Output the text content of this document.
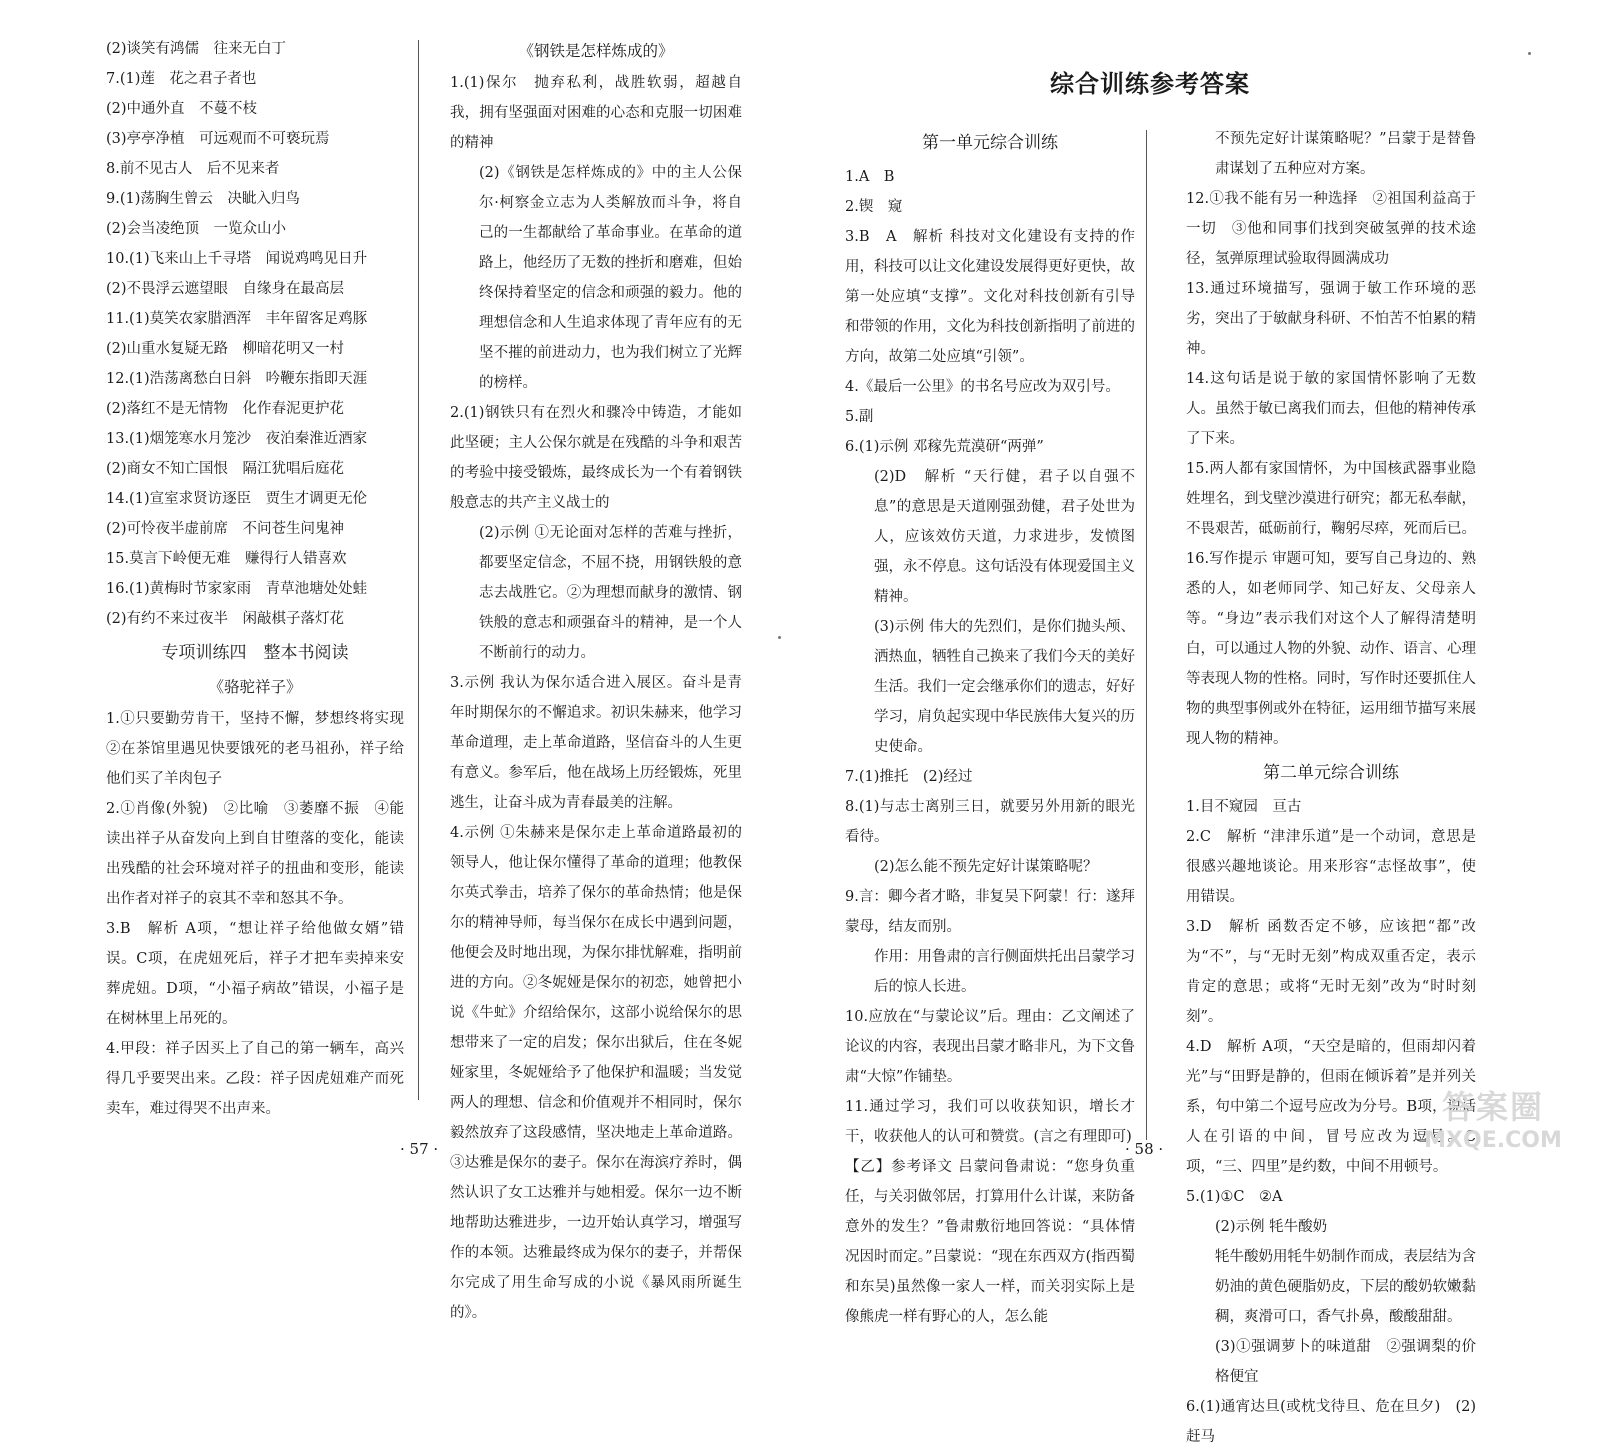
(2)谈笑有鸿儒　往来无白丁

7.(1)莲　花之君子者也

(2)中通外直　不蔓不枝

(3)亭亭净植　可远观而不可亵玩焉

8.前不见古人　后不见来者

9.(1)荡胸生曾云　决眦入归鸟

(2)会当凌绝顶　一览众山小

10.(1)飞来山上千寻塔　闻说鸡鸣见日升

(2)不畏浮云遮望眼　自缘身在最高层

11.(1)莫笑农家腊酒浑　丰年留客足鸡豚

(2)山重水复疑无路　柳暗花明又一村

12.(1)浩荡离愁白日斜　吟鞭东指即天涯

(2)落红不是无情物　化作春泥更护花

13.(1)烟笼寒水月笼沙　夜泊秦淮近酒家

(2)商女不知亡国恨　隔江犹唱后庭花

14.(1)宣室求贤访逐臣　贾生才调更无伦

(2)可怜夜半虚前席　不问苍生问鬼神

15.莫言下岭便无难　赚得行人错喜欢

16.(1)黄梅时节家家雨　青草池塘处处蛙

(2)有约不来过夜半　闲敲棋子落灯花

专项训练四　整本书阅读

《骆驼祥子》

1.①只要勤劳肯干，坚持不懈，梦想终将实现　②在茶馆里遇见快要饿死的老马祖孙，祥子给他们买了羊肉包子

2.①肖像(外貌)　②比喻　③萎靡不振　④能读出祥子从奋发向上到自甘堕落的变化，能读出残酷的社会环境对祥子的扭曲和变形，能读出作者对祥子的哀其不幸和怒其不争。

3.B　解析 A项，“想让祥子给他做女婿”错误。C项，在虎妞死后，祥子才把车卖掉来安葬虎妞。D项，“小福子病故”错误，小福子是在树林里上吊死的。

4.甲段：祥子因买上了自己的第一辆车，高兴得几乎要哭出来。乙段：祥子因虎妞难产而死卖车，难过得哭不出声来。

《钢铁是怎样炼成的》

1.(1)保尔　抛弃私利，战胜软弱，超越自我，拥有坚强面对困难的心态和克服一切困难的精神

(2)《钢铁是怎样炼成的》中的主人公保尔·柯察金立志为人类解放而斗争，将自己的一生都献给了革命事业。在革命的道路上，他经历了无数的挫折和磨难，但始终保持着坚定的信念和顽强的毅力。他的理想信念和人生追求体现了青年应有的无坚不摧的前进动力，也为我们树立了光辉的榜样。

2.(1)钢铁只有在烈火和骤冷中铸造，才能如此坚硬；主人公保尔就是在残酷的斗争和艰苦的考验中接受锻炼，最终成长为一个有着钢铁般意志的共产主义战士的

(2)示例 ①无论面对怎样的苦难与挫折，都要坚定信念，不屈不挠，用钢铁般的意志去战胜它。②为理想而献身的激情、钢铁般的意志和顽强奋斗的精神，是一个人不断前行的动力。

3.示例 我认为保尔适合进入展区。奋斗是青年时期保尔的不懈追求。初识朱赫来，他学习革命道理，走上革命道路，坚信奋斗的人生更有意义。参军后，他在战场上历经锻炼，死里逃生，让奋斗成为青春最美的注解。

4.示例 ①朱赫来是保尔走上革命道路最初的领导人，他让保尔懂得了革命的道理；他教保尔英式拳击，培养了保尔的革命热情；他是保尔的精神导师，每当保尔在成长中遇到问题，他便会及时地出现，为保尔排忧解难，指明前进的方向。②冬妮娅是保尔的初恋，她曾把小说《牛虻》介绍给保尔，这部小说给保尔的思想带来了一定的启发；保尔出狱后，住在冬妮娅家里，冬妮娅给予了他保护和温暖；当发觉两人的理想、信念和价值观并不相同时，保尔毅然放弃了这段感情，坚决地走上革命道路。③达雅是保尔的妻子。保尔在海滨疗养时，偶然认识了女工达雅并与她相爱。保尔一边不断地帮助达雅进步，一边开始认真学习，增强写作的本领。达雅最终成为保尔的妻子，并帮保尔完成了用生命写成的小说《暴风雨所诞生的》。

· 57 ·
综合训练参考答案

第一单元综合训练

1.A　B

2.锲　窥

3.B　A　解析 科技对文化建设有支持的作用，科技可以让文化建设发展得更好更快，故第一处应填“支撑”。文化对科技创新有引导和带领的作用，文化为科技创新指明了前进的方向，故第二处应填“引领”。

4.《最后一公里》的书名号应改为双引号。

5.副

6.(1)示例 邓稼先荒漠研“两弹”

(2)D　解析 “天行健，君子以自强不息”的意思是天道刚强劲健，君子处世为人，应该效仿天道，力求进步，发愤图强，永不停息。这句话没有体现爱国主义精神。

(3)示例 伟大的先烈们，是你们抛头颅、洒热血，牺牲自己换来了我们今天的美好生活。我们一定会继承你们的遗志，好好学习，肩负起实现中华民族伟大复兴的历史使命。

7.(1)推托　(2)经过

8.(1)与志士离别三日，就要另外用新的眼光看待。

(2)怎么能不预先定好计谋策略呢？

9.言：卿今者才略，非复吴下阿蒙！行：遂拜蒙母，结友而别。

作用：用鲁肃的言行侧面烘托出吕蒙学习后的惊人长进。

10.应放在“与蒙论议”后。理由：乙文阐述了论议的内容，表现出吕蒙才略非凡，为下文鲁肃“大惊”作铺垫。

11.通过学习，我们可以收获知识，增长才干，收获他人的认可和赞赏。(言之有理即可)

【乙】参考译文 吕蒙问鲁肃说：“您身负重任，与关羽做邻居，打算用什么计谋，来防备意外的发生？”鲁肃敷衍地回答说：“具体情况因时而定。”吕蒙说：“现在东西双方(指西蜀和东吴)虽然像一家人一样，而关羽实际上是像熊虎一样有野心的人，怎么能

不预先定好计谋策略呢？”吕蒙于是替鲁肃谋划了五种应对方案。

12.①我不能有另一种选择　②祖国利益高于一切　③他和同事们找到突破氢弹的技术途径，氢弹原理试验取得圆满成功

13.通过环境描写，强调于敏工作环境的恶劣，突出了于敏献身科研、不怕苦不怕累的精神。

14.这句话是说于敏的家国情怀影响了无数人。虽然于敏已离我们而去，但他的精神传承了下来。

15.两人都有家国情怀，为中国核武器事业隐姓埋名，到戈壁沙漠进行研究；都无私奉献，不畏艰苦，砥砺前行，鞠躬尽瘁，死而后已。

16.写作提示 审题可知，要写自己身边的、熟悉的人，如老师同学、知己好友、父母亲人等。“身边”表示我们对这个人了解得清楚明白，可以通过人物的外貌、动作、语言、心理等表现人物的性格。同时，写作时还要抓住人物的典型事例或外在特征，运用细节描写来展现人物的精神。

第二单元综合训练

1.目不窥园　亘古

2.C　解析 “津津乐道”是一个动词，意思是很感兴趣地谈论。用来形容“志怪故事”，使用错误。

3.D　解析 函数否定不够，应该把“都”改为“不”，与“无时无刻”构成双重否定，表示肯定的意思；或将“无时无刻”改为“时时刻刻”。

4.D　解析 A项，“天空是暗的，但雨却闪着光”与“田野是静的，但雨在倾诉着”是并列关系，句中第二个逗号应改为分号。B项，说话人在引语的中间，冒号应改为逗号。C项，“三、四里”是约数，中间不用顿号。

5.(1)①C　②A

(2)示例 牦牛酸奶

牦牛酸奶用牦牛奶制作而成，表层结为含奶油的黄色硬脂奶皮，下层的酸奶软嫩黏稠，爽滑可口，香气扑鼻，酸酸甜甜。

(3)①强调萝卜的味道甜　②强调梨的价格便宜

6.(1)通宵达旦(或枕戈待旦、危在旦夕)　(2)赶马

· 58 ·
答案圈
MXQE.COM
